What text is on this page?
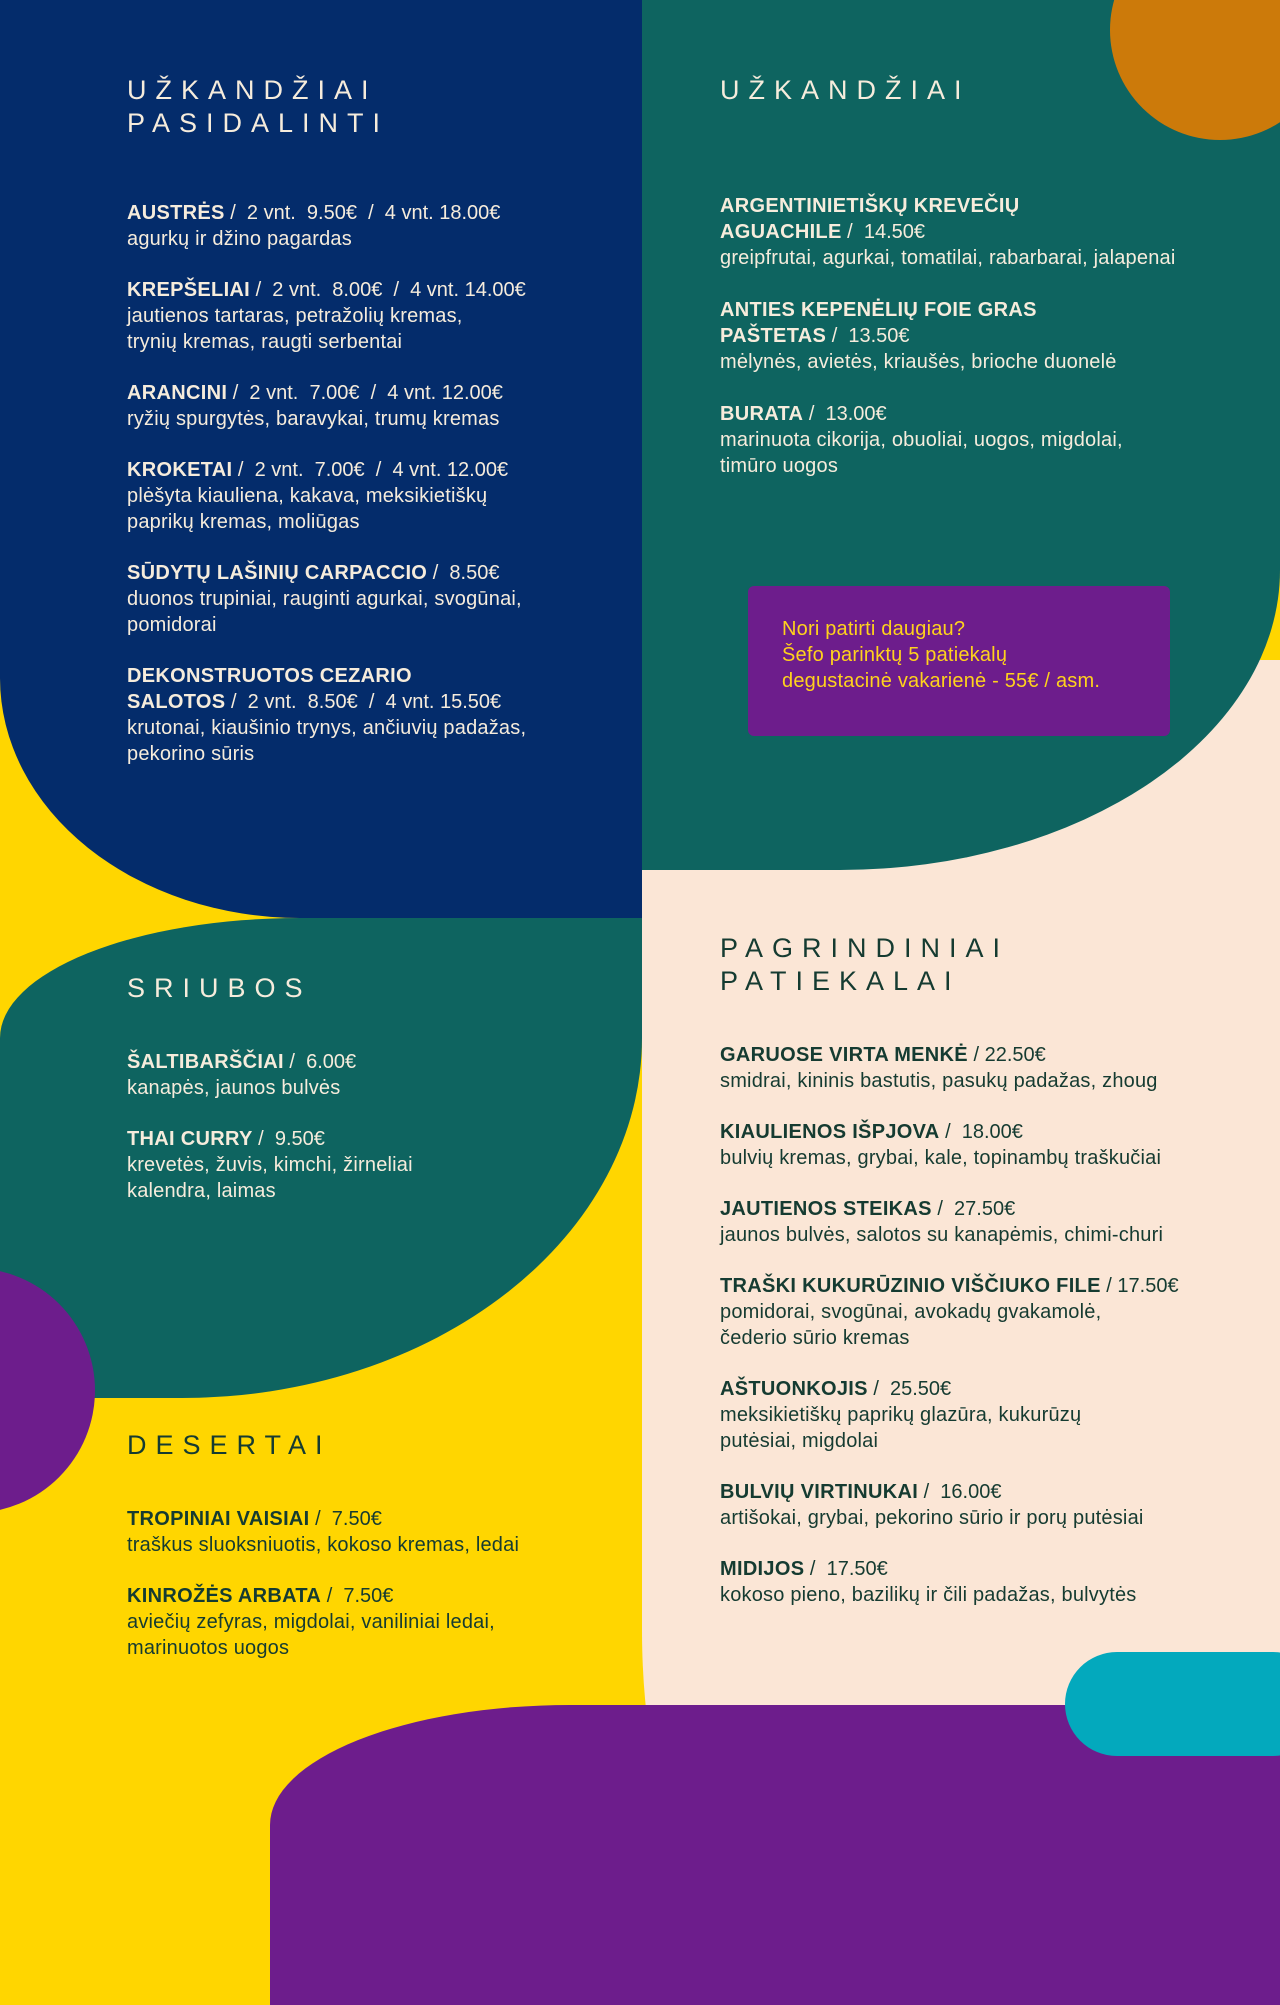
UŽKANDŽIAI
PASIDALINTI
AUSTRĖS /  2 vnt.  9.50€  /  4 vnt. 18.00€
agurkų ir džino pagardas
KREPŠELIAI /  2 vnt.  8.00€  /  4 vnt. 14.00€
jautienos tartaras, petražolių kremas,
trynių kremas, raugti serbentai
ARANCINI /  2 vnt.  7.00€  /  4 vnt. 12.00€
ryžių spurgytės, baravykai, trumų kremas
KROKETAI /  2 vnt.  7.00€  /  4 vnt. 12.00€
plėšyta kiauliena, kakava, meksikietiškų
paprikų kremas, moliūgas
SŪDYTŲ LAŠINIŲ CARPACCIO /  8.50€
duonos trupiniai, rauginti agurkai, svogūnai,
pomidorai
DEKONSTRUOTOS CEZARIO
SALOTOS /  2 vnt.  8.50€  /  4 vnt. 15.50€
krutonai, kiaušinio trynys, ančiuvių padažas,
pekorino sūris
UŽKANDŽIAI
ARGENTINIETIŠKŲ KREVEČIŲ
AGUACHILE /  14.50€
greipfrutai, agurkai, tomatilai, rabarbarai, jalapenai
ANTIES KEPENĖLIŲ FOIE GRAS
PAŠTETAS /  13.50€
mėlynės, avietės, kriaušės, brioche duonelė
BURATA /  13.00€
marinuota cikorija, obuoliai, uogos, migdolai,
timūro uogos
Nori patirti daugiau?
Šefo parinktų 5 patiekalų
degustacinė vakarienė - 55€ / asm.
SRIUBOS
ŠALTIBARŠČIAI /  6.00€
kanapės, jaunos bulvės
THAI CURRY /  9.50€
krevetės, žuvis, kimchi, žirneliai
kalendra, laimas
DESERTAI
TROPINIAI VAISIAI /  7.50€
traškus sluoksniuotis, kokoso kremas, ledai
KINROŽĖS ARBATA /  7.50€
aviečių zefyras, migdolai, vaniliniai ledai,
marinuotos uogos
PAGRINDINIAI
PATIEKALAI
GARUOSE VIRTA MENKĖ / 22.50€
smidrai, kininis bastutis, pasukų padažas, zhoug
KIAULIENOS IŠPJOVA /  18.00€
bulvių kremas, grybai, kale, topinambų traškučiai
JAUTIENOS STEIKAS /  27.50€
jaunos bulvės, salotos su kanapėmis, chimi-churi
TRAŠKI KUKURŪZINIO VIŠČIUKO FILE / 17.50€
pomidorai, svogūnai, avokadų gvakamolė,
čederio sūrio kremas
AŠTUONKOJIS /  25.50€
meksikietiškų paprikų glazūra, kukurūzų
putėsiai, migdolai
BULVIŲ VIRTINUKAI /  16.00€
artišokai, grybai, pekorino sūrio ir porų putėsiai
MIDIJOS /  17.50€
kokoso pieno, bazilikų ir čili padažas, bulvytės
